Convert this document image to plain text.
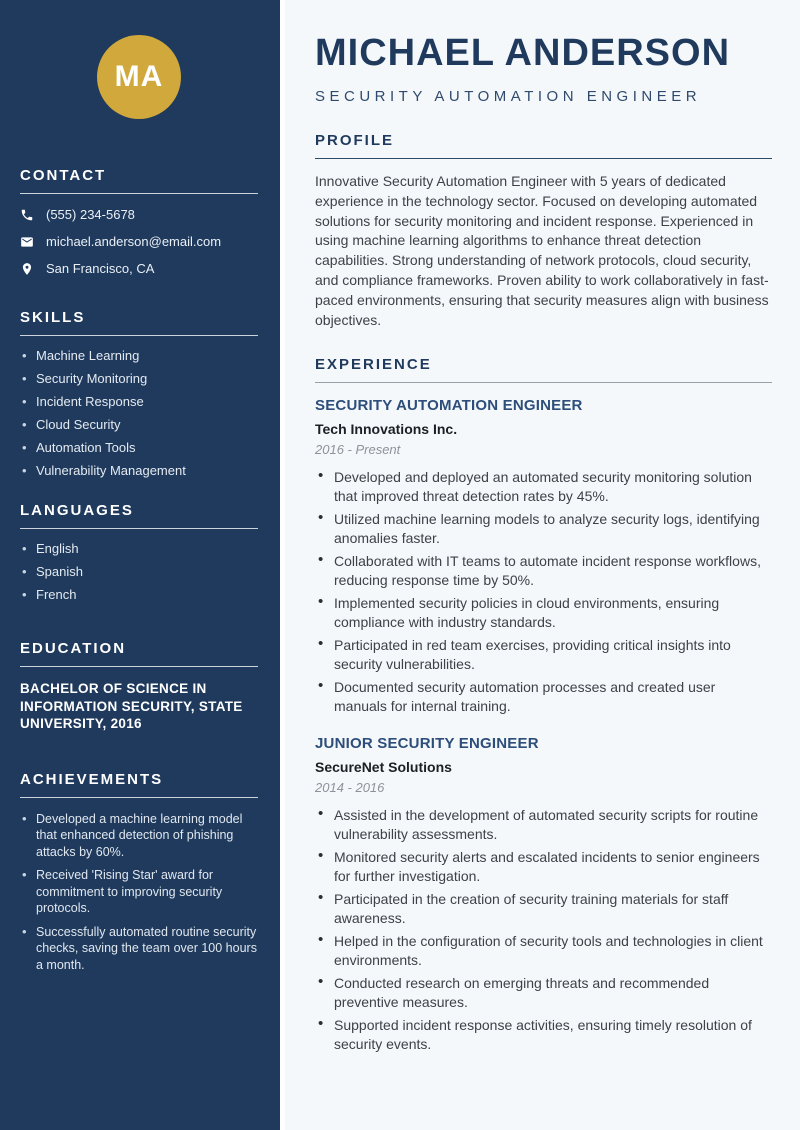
MA
CONTACT
(555) 234-5678
michael.anderson@email.com
San Francisco, CA
SKILLS
• Machine Learning
• Security Monitoring
• Incident Response
• Cloud Security
• Automation Tools
• Vulnerability Management
LANGUAGES
• English
• Spanish
• French
EDUCATION

BACHELOR OF SCIENCE IN INFORMATION SECURITY, STATE UNIVERSITY, 2016

ACHIEVEMENTS
• Developed a machine learning model that enhanced detection of phishing attacks by 60%.
• Received 'Rising Star' award for commitment to improving security protocols.
• Successfully automated routine security checks, saving the team over 100 hours a month.
MICHAEL ANDERSON
SECURITY AUTOMATION ENGINEER
PROFILE

Innovative Security Automation Engineer with 5 years of dedicated experience in the technology sector. Focused on developing automated solutions for security monitoring and incident response. Experienced in using machine learning algorithms to enhance threat detection capabilities. Strong understanding of network protocols, cloud security, and compliance frameworks. Proven ability to work collaboratively in fast-paced environments, ensuring that security measures align with business objectives.

EXPERIENCE
SECURITY AUTOMATION ENGINEER
Tech Innovations Inc.
2016 - Present
• Developed and deployed an automated security monitoring solution that improved threat detection rates by 45%.
• Utilized machine learning models to analyze security logs, identifying anomalies faster.
• Collaborated with IT teams to automate incident response workflows, reducing response time by 50%.
• Implemented security policies in cloud environments, ensuring compliance with industry standards.
• Participated in red team exercises, providing critical insights into security vulnerabilities.
• Documented security automation processes and created user manuals for internal training.
JUNIOR SECURITY ENGINEER
SecureNet Solutions
2014 - 2016
• Assisted in the development of automated security scripts for routine vulnerability assessments.
• Monitored security alerts and escalated incidents to senior engineers for further investigation.
• Participated in the creation of security training materials for staff awareness.
• Helped in the configuration of security tools and technologies in client environments.
• Conducted research on emerging threats and recommended preventive measures.
• Supported incident response activities, ensuring timely resolution of security events.
